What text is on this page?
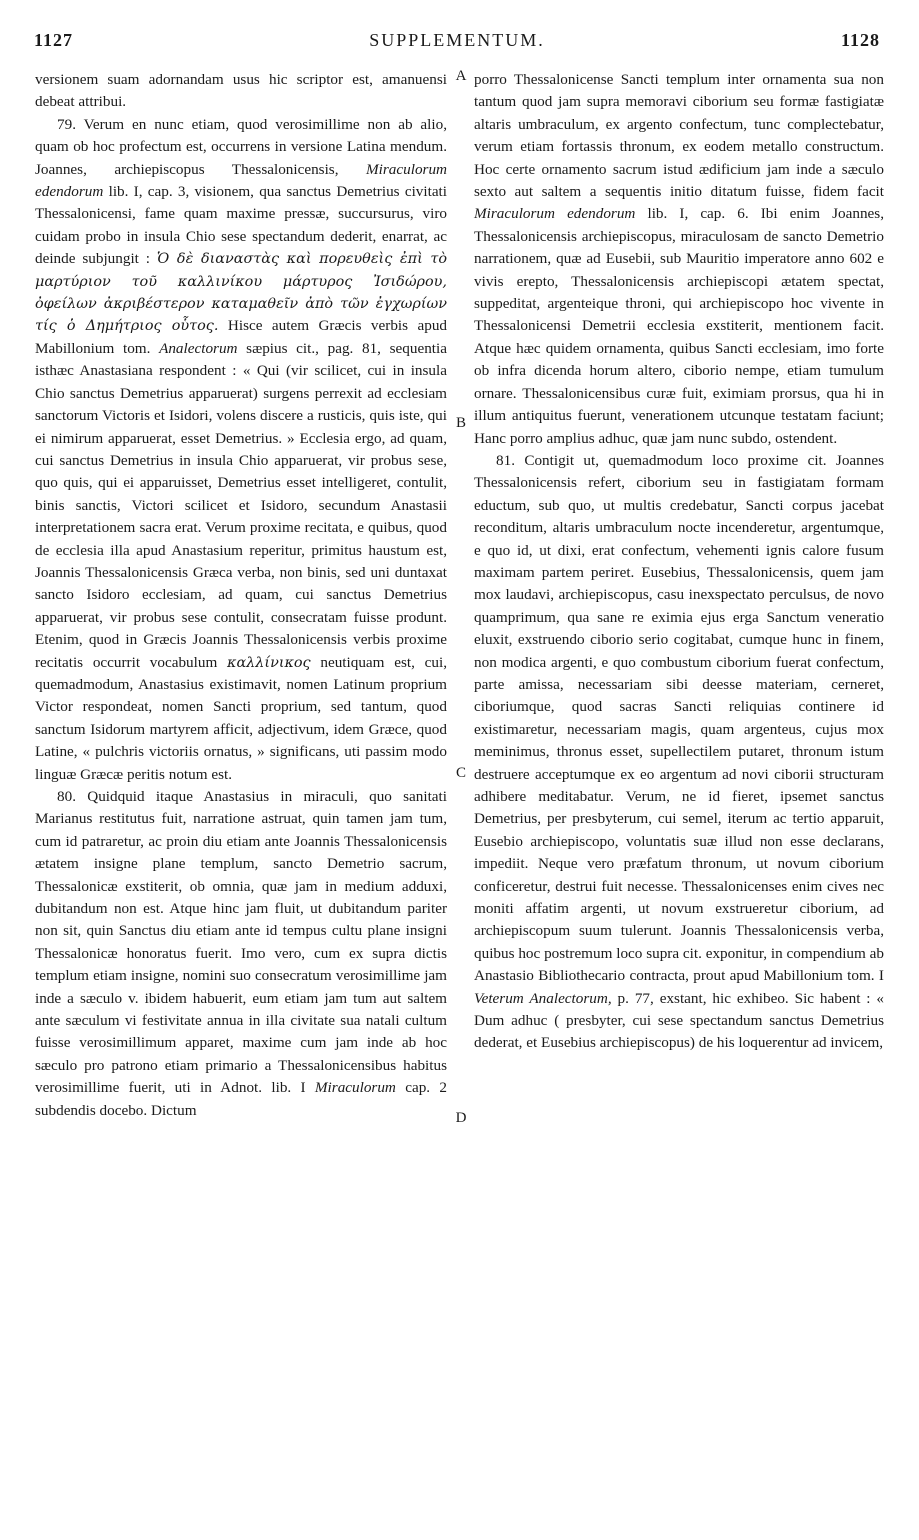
1127	SUPPLEMENTUM.	1128
A
B
C
D

versionem suam adornandam usus hic scriptor est, amanuensi debeat attribui.

79. Verum en nunc etiam, quod verosimillime non ab alio, quam ob hoc profectum est, occurrens in versione Latina mendum. Joannes, archiepiscopus Thessalonicensis, Miraculorum edendorum lib. I, cap. 3, visionem, qua sanctus Demetrius civitati Thessalonicensi, fame quam maxime pressæ, succursurus, viro cuidam probo in insula Chio sese spectandum dederit, enarrat, ac deinde subjungit : Ὁ δὲ διαναστὰς καὶ πορευθεὶς ἐπὶ τὸ μαρτύριον τοῦ καλλινίκου μάρτυρος Ἰσιδώρου, ὀφείλων ἀκριβέστερον καταμαθεῖν ἀπὸ τῶν ἐγχωρίων τίς ὁ Δημήτριος οὗτος. Hisce autem Græcis verbis apud Mabillonium tom. Analectorum sæpius cit., pag. 81, sequentia isthæc Anastasiana respondent : « Qui (vir scilicet, cui in insula Chio sanctus Demetrius apparuerat) surgens perrexit ad ecclesiam sanctorum Victoris et Isidori, volens discere a rusticis, quis iste, qui ei nimirum apparuerat, esset Demetrius. » Ecclesia ergo, ad quam, cui sanctus Demetrius in insula Chio apparuerat, vir probus sese, quo quis, qui ei apparuisset, Demetrius esset intelligeret, contulit, binis sanctis, Victori scilicet et Isidoro, secundum Anastasii interpretationem sacra erat. Verum proxime recitata, e quibus, quod de ecclesia illa apud Anastasium reperitur, primitus haustum est, Joannis Thessalonicensis Græca verba, non binis, sed uni duntaxat sancto Isidoro ecclesiam, ad quam, cui sanctus Demetrius apparuerat, vir probus sese contulit, consecratam fuisse produnt. Etenim, quod in Græcis Joannis Thessalonicensis verbis proxime recitatis occurrit vocabulum καλλίνικος neutiquam est, cui, quemadmodum, Anastasius existimavit, nomen Latinum proprium Victor respondeat, nomen Sancti proprium, sed tantum, quod sanctum Isidorum martyrem afficit, adjectivum, idem Græce, quod Latine, « pulchris victoriis ornatus, » significans, uti passim modo linguæ Græcæ peritis notum est.

80. Quidquid itaque Anastasius in miraculi, quo sanitati Marianus restitutus fuit, narratione astruat, quin tamen jam tum, cum id patraretur, ac proin diu etiam ante Joannis Thessalonicensis ætatem insigne plane templum, sancto Demetrio sacrum, Thessalonicæ exstiterit, ob omnia, quæ jam in medium adduxi, dubitandum non est. Atque hinc jam fluit, ut dubitandum pariter non sit, quin Sanctus diu etiam ante id tempus cultu plane insigni Thessalonicæ honoratus fuerit. Imo vero, cum ex supra dictis templum etiam insigne, nomini suo consecratum verosimillime jam inde a sæculo v. ibidem habuerit, eum etiam jam tum aut saltem ante sæculum vi festivitate annua in illa civitate sua natali cultum fuisse verosimillimum apparet, maxime cum jam inde ab hoc sæculo pro patrono etiam primario a Thessalonicensibus habitus verosimillime fuerit, uti in Adnot. lib. I Miraculorum cap. 2 subdendis docebo. Dictum

porro Thessalonicense Sancti templum inter ornamenta sua non tantum quod jam supra memoravi ciborium seu formæ fastigiatæ altaris umbraculum, ex argento confectum, tunc complectebatur, verum etiam fortassis thronum, ex eodem metallo constructum. Hoc certe ornamento sacrum istud ædificium jam inde a sæculo sexto aut saltem a sequentis initio ditatum fuisse, fidem facit Miraculorum edendorum lib. I, cap. 6. Ibi enim Joannes, Thessalonicensis archiepiscopus, miraculosam de sancto Demetrio narrationem, quæ ad Eusebii, sub Mauritio imperatore anno 602 e vivis erepto, Thessalonicensis archiepiscopi ætatem spectat, suppeditat, argenteique throni, qui archiepiscopo hoc vivente in Thessalonicensi Demetrii ecclesia exstiterit, mentionem facit. Atque hæc quidem ornamenta, quibus Sancti ecclesiam, imo forte ob infra dicenda horum altero, ciborio nempe, etiam tumulum ornare. Thessalonicensibus curæ fuit, eximiam prorsus, qua hi in illum antiquitus fuerunt, venerationem utcunque testatam faciunt; Hanc porro amplius adhuc, quæ jam nunc subdo, ostendent.

81. Contigit ut, quemadmodum loco proxime cit. Joannes Thessalonicensis refert, ciborium seu in fastigiatam formam eductum, sub quo, ut multis credebatur, Sancti corpus jacebat reconditum, altaris umbraculum nocte incenderetur, argentumque, e quo id, ut dixi, erat confectum, vehementi ignis calore fusum maximam partem periret. Eusebius, Thessalonicensis, quem jam mox laudavi, archiepiscopus, casu inexspectato perculsus, de novo quamprimum, qua sane re eximia ejus erga Sanctum veneratio eluxit, exstruendo ciborio serio cogitabat, cumque hunc in finem, non modica argenti, e quo combustum ciborium fuerat confectum, parte amissa, necessariam sibi deesse materiam, cerneret, ciboriumque, quod sacras Sancti reliquias continere id existimaretur, necessariam magis, quam argenteus, cujus mox meminimus, thronus esset, supellectilem putaret, thronum istum destruere acceptumque ex eo argentum ad novi ciborii structuram adhibere meditabatur. Verum, ne id fieret, ipsemet sanctus Demetrius, per presbyterum, cui semel, iterum ac tertio apparuit, Eusebio archiepiscopo, voluntatis suæ illud non esse declarans, impediit. Neque vero præfatum thronum, ut novum ciborium conficeretur, destrui fuit necesse. Thessalonicenses enim cives nec moniti affatim argenti, ut novum exstrueretur ciborium, ad archiepiscopum suum tulerunt. Joannis Thessalonicensis verba, quibus hoc postremum loco supra cit. exponitur, in compendium ab Anastasio Bibliothecario contracta, prout apud Mabillonium tom. I Veterum Analectorum, p. 77, exstant, hic exhibeo. Sic habent : « Dum adhuc ( presbyter, cui sese spectandum sanctus Demetrius dederat, et Eusebius archiepiscopus) de his loquerentur ad invicem,
